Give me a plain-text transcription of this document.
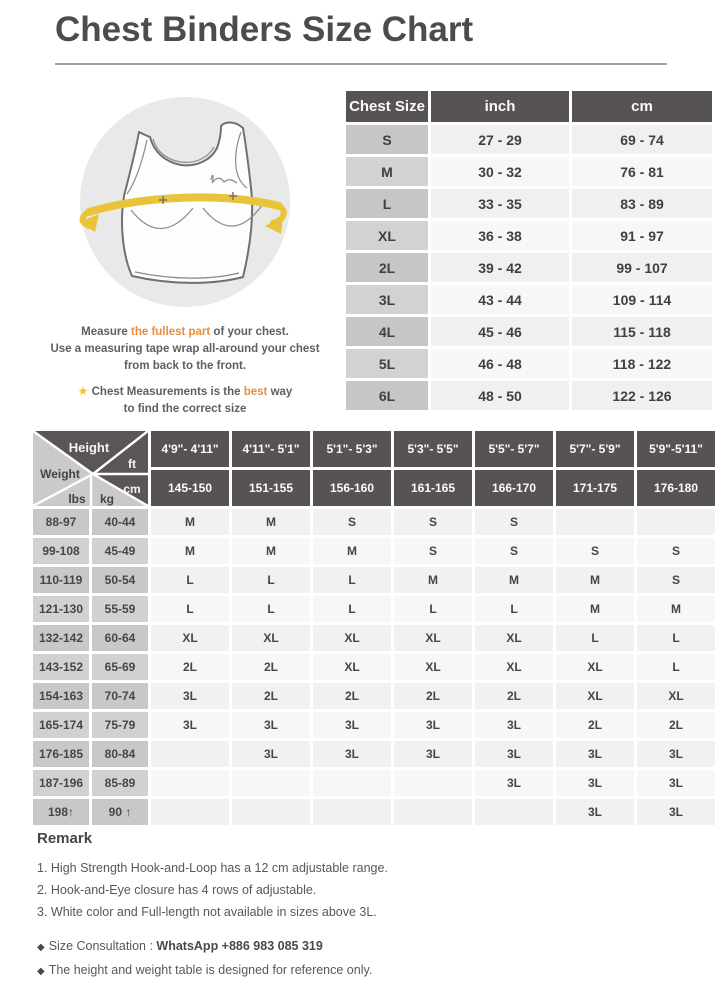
Chest Binders Size Chart

Measure the fullest part of your chest.
Use a measuring tape wrap all-around your chest
from back to the front.

★ Chest Measurements is the best way
to find the correct size

Chest Size	inch	cm
S	27 - 29	69 - 74
M	30 - 32	76 - 81
L	33 - 35	83 - 89
XL	36 - 38	91 - 97
2L	39 - 42	99 - 107
3L	43 - 44	109 - 114
4L	45 - 46	115 - 118
5L	46 - 48	118 - 122
6L	48 - 50	122 - 126
Height
ft
cm
Weight
lbs kg
	4'9"- 4'11"	4'11"- 5'1"	5'1"- 5'3"	5'3"- 5'5"	5'5"- 5'7"	5'7"- 5'9"	5'9"-5'11"
		145-150	151-155	156-160	161-165	166-170	171-175	176-180
88-97	40-44	M	M	S	S	S		
99-108	45-49	M	M	M	S	S	S	S
110-119	50-54	L	L	L	M	M	M	S
121-130	55-59	L	L	L	L	L	M	M
132-142	60-64	XL	XL	XL	XL	XL	L	L
143-152	65-69	2L	2L	XL	XL	XL	XL	L
154-163	70-74	3L	2L	2L	2L	2L	XL	XL
165-174	75-79	3L	3L	3L	3L	3L	2L	2L
176-185	80-84		3L	3L	3L	3L	3L	3L
187-196	85-89					3L	3L	3L
198↑	90 ↑						3L	3L
Remark
1. High Strength Hook-and-Loop has a 12 cm adjustable range.
2. Hook-and-Eye closure has 4 rows of adjustable.
3. White color and Full-length not available in sizes above 3L.
◆ Size Consultation : WhatsApp +886 983 085 319
◆ The height and weight table is designed for reference only.
